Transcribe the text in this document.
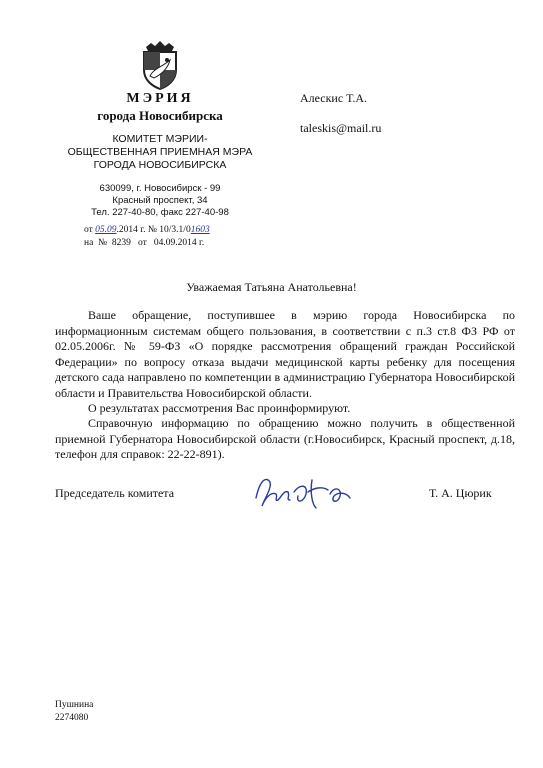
МЭРИЯ
города Новосибирска
КОМИТЕТ МЭРИИ-
ОБЩЕСТВЕННАЯ ПРИЕМНАЯ МЭРА
ГОРОДА НОВОСИБИРСКА
630099, г. Новосибирск - 99
Красный проспект, 34
Тел. 227-40-80, факс 227-40-98
от 05.09.2014 г. № 10/3.1/01603
на  №  8239   от   04.09.2014 г.
Алескис Т.А.
taleskis@mail.ru
Уважаемая Татьяна Анатольевна!
Ваше обращение, поступившее в мэрию города Новосибирска по информационным системам общего пользования, в соответствии с п.3 ст.8 ФЗ РФ от 02.05.2006г. № 59-ФЗ «О порядке рассмотрения обращений граждан Российской Федерации» по вопросу отказа выдачи медицинской карты ребенку для посещения детского сада направлено по компетенции в администрацию Губернатора Новосибирской области и Правительства Новосибирской области.
О результатах рассмотрения Вас проинформируют.
Справочную информацию по обращению можно получить в общественной приемной Губернатора Новосибирской области (г.Новосибирск, Красный проспект, д.18, телефон для справок: 22-22-891).
Председатель комитета	Т. А. Цюрик
Пушнина
2274080
